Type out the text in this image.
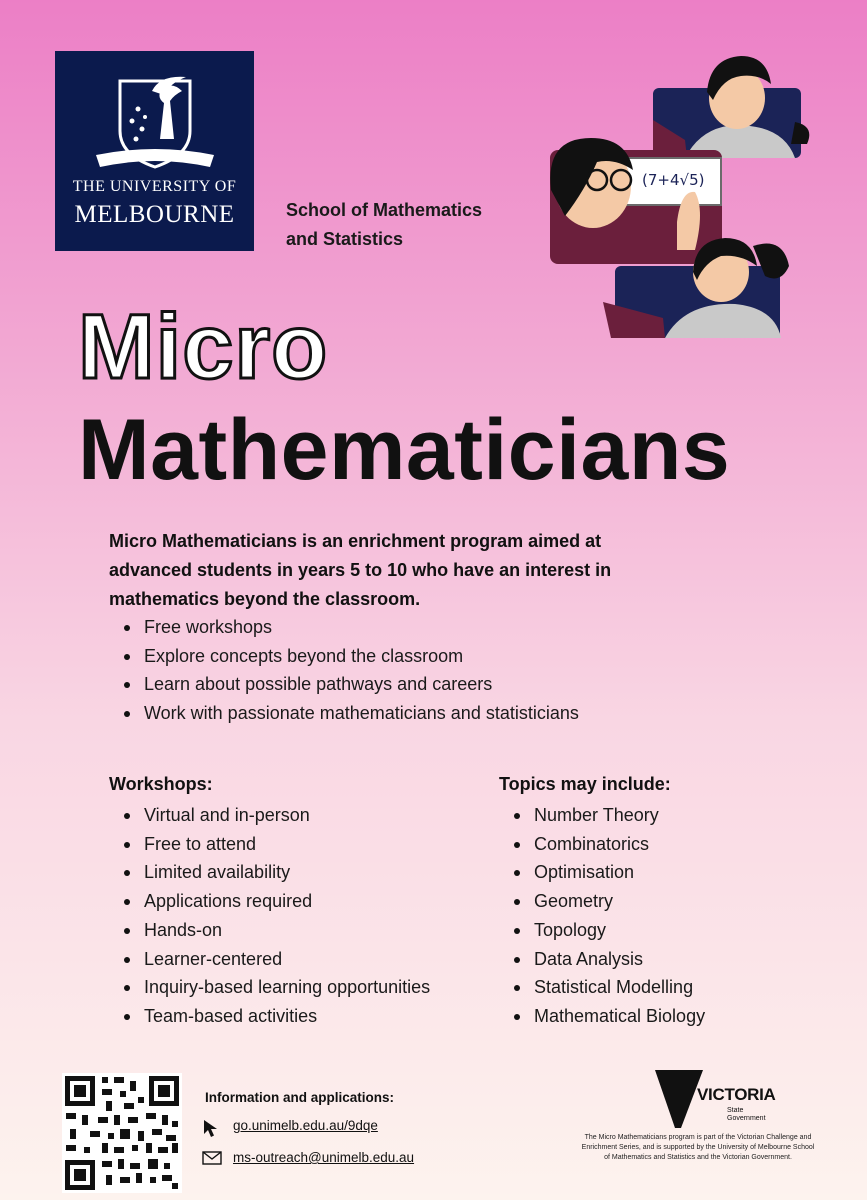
THE UNIVERSITY OF
MELBOURNE	School of Mathematics
and Statistics
(7+4√5)
Micro
Mathematicians
Micro Mathematicians is an enrichment program aimed at advanced students in years 5 to 10 who have an interest in mathematics beyond the classroom.
Free workshops
Explore concepts beyond the classroom
Learn about possible pathways and careers
Work with passionate mathematicians and statisticians
Workshops:
Virtual and in-person
Free to attend
Limited availability
Applications required
Hands-on
Learner-centered
Inquiry-based learning opportunities
Team-based activities
Topics may include:
Number Theory
Combinatorics
Optimisation
Geometry
Topology
Data Analysis
Statistical Modelling
Mathematical Biology
Information and applications:
go.unimelb.edu.au/9dqe
ms-outreach@unimelb.edu.au
VICTORIA
State
Government
The Micro Mathematicians program is part of the Victorian Challenge and Enrichment Series, and is supported by the University of Melbourne School of Mathematics and Statistics and the Victorian Government.
